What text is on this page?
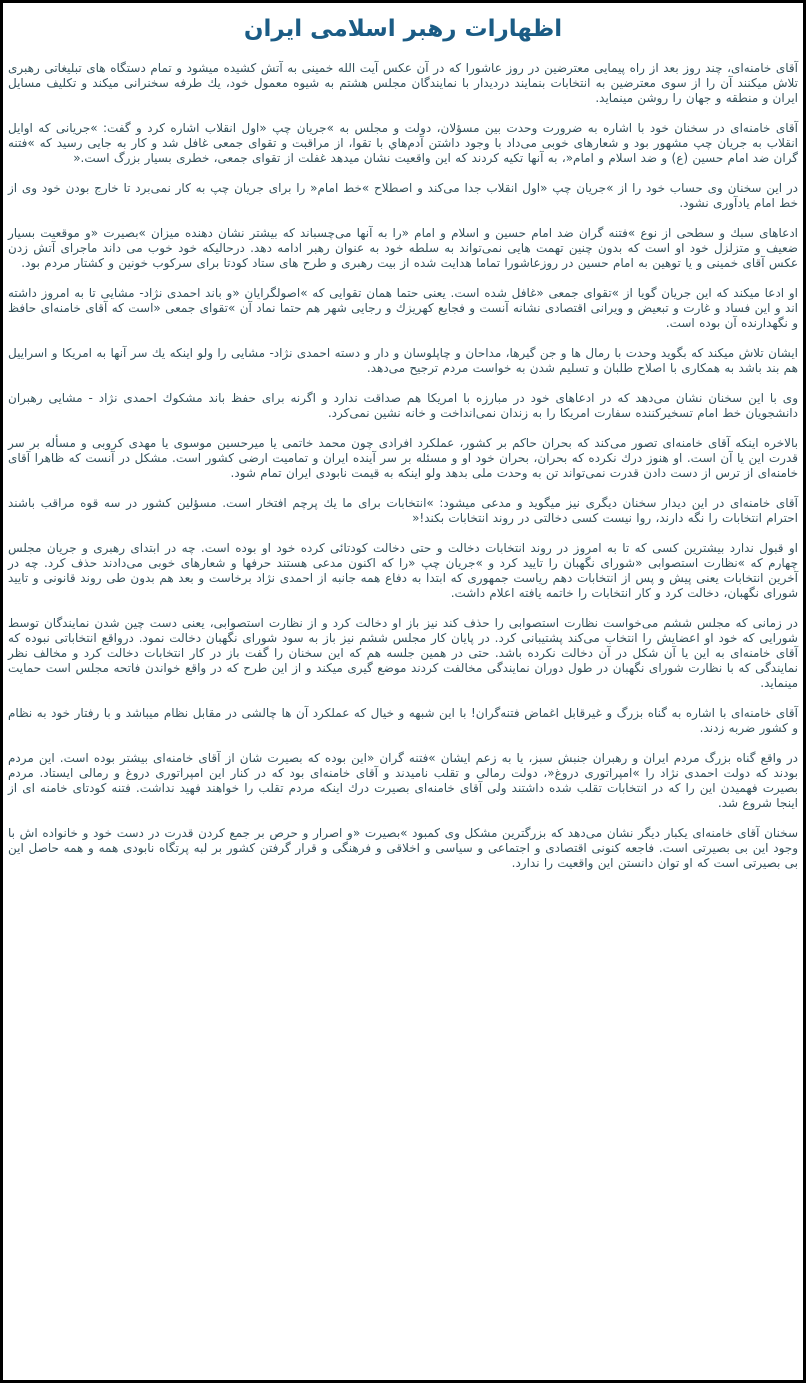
اظهارات رهبر اسلامی ایران

آقای خامنه‌ای، چند روز بعد از راه پیمایی معترضین در روز عاشورا که در آن عکس آیت الله خمینی به آتش کشیده میشود و تمام دستگاه های تبلیغاتی رهبری تلاش میکنند آن را از سوی معترضین به انتخابات بنمایند دردیدار با نمایندگان مجلس هشتم به شیوه معمول خود، یك طرفه سخنرانی میکند و تکلیف مسایل ایران و منطقه و جهان را روشن مینماید.

آقای خامنه‌ای در سخنان خود با اشاره به ضرورت وحدت بین مسؤلان، دولت و مجلس به »جریان چپ «اول انقلاب اشاره کرد و گفت: »جریانی که اوایل انقلاب به جریان چپ مشهور بود و شعارهای خوبی می‌داد با وجود داشتن آدم‌هاي با تقوا، از مراقبت و تقوای جمعی غافل شد و کار به جایی رسید که »فتنه گران ضد امام حسین (ع) و ضد اسلام و امام«، به آنها تکیه کردند که این واقعیت نشان میدهد غفلت از تقوای جمعی، خطری بسیار بزرگ است.«

در این سخنان وی حساب خود را از »جریان چپ «اول انقلاب جدا می‌کند و اصطلاح »خط امام« را برای جریان چپ به کار نمی‌برد تا خارج بودن خود وی از خط امام یادآوری نشود.

ادعاهای سبك و سطحی از نوع »فتنه گران ضد امام حسین و اسلام و امام «را به آنها می‌چسباند که بیشتر نشان دهنده میزان »بصیرت «و موقعیت بسیار ضعیف و متزلزل خود او است که بدون چنین تهمت هایی نمی‌تواند به سلطه خود به عنوان رهبر ادامه دهد. درحالیکه خود خوب می داند ماجرای آتش زدن عکس آقای خمینی و یا توهین به امام حسین در روزعاشورا تماما هدایت شده از بیت رهبری و طرح های ستاد کودتا برای سرکوب خونین و کشتار مردم بود.

او ادعا میکند که این جریان گویا از »تقوای جمعی «غافل شده است. یعنی حتما همان تقوایی که »اصولگرایان «و باند احمدی نژاد- مشایی تا به امروز داشته اند و این فساد و غارت و تبعیض و ویرانی اقتصادی نشانه آنست و فجایع کهریزك و رجایی شهر هم حتما نماد آن »تقوای جمعی «است که آقای خامنه‌ای حافظ و نگهدارنده آن بوده است.

ایشان تلاش میکند که بگوید وحدت با رمال ها و جن گیرها، مداحان و چاپلوسان و دار و دسته احمدی نژاد- مشایی را ولو اینکه یك سر آنها به امریکا و اسراییل هم بند باشد به همکاری با اصلاح طلبان و تسلیم شدن به خواست مردم ترجیح می‌دهد.

وی با این سخنان نشان می‌دهد که در ادعاهای خود در مبارزه با امریکا هم صداقت ندارد و اگرنه برای حفظ باند مشکوك احمدی نژاد - مشایی رهبران دانشجویان خط امام تسخیرکننده سفارت امریکا را به زندان نمی‌انداخت و خانه نشین نمی‌کرد.

بالاخره اینکه آقای خامنه‌ای تصور می‌کند که بحران حاکم بر کشور، عملکرد افرادی چون محمد خاتمی یا میرحسین موسوی یا مهدی کروبی و مسأله بر سر قدرت این یا آن است. او هنوز درك نکرده که بحران، بحران خود او و مسئله بر سر آینده ایران و تمامیت ارضی کشور است. مشکل در آنست که ظاهرا آقای خامنه‌ای از ترس از دست دادن قدرت نمی‌تواند تن به وحدت ملی بدهد ولو اینکه به قیمت نابودی ایران تمام شود.

آقای خامنه‌ای در این دیدار سخنان دیگری نیز میگوید و مدعی میشود: »انتخابات برای ما یك پرچم افتخار است. مسؤلین کشور در سه قوه مراقب باشند احترام انتخابات را نگه دارند، روا نیست کسی دخالتی در روند انتخابات بکند!«

او قبول ندارد بیشترین کسی که تا به امروز در روند انتخابات دخالت و حتی دخالت کودتائی کرده خود او بوده است. چه در ابتدای رهبری و جریان مجلس چهارم که »نظارت استصوابی «شورای نگهبان را تایید کرد و »جریان چپ «را که اکنون مدعی هستند حرفها و شعارهای خوبی می‌دادند حذف کرد. چه در آخرین انتخابات یعنی پیش و پس از انتخابات دهم ریاست جمهوری که ابتدا به دفاع همه جانبه از احمدی نژاد برخاست و بعد هم بدون طی روند قانونی و تایید شورای نگهبان، دخالت کرد و کار انتخابات را خاتمه یافته اعلام داشت.

در زمانی که مجلس ششم می‌خواست نظارت استصوابی را حذف کند نیز باز او دخالت کرد و از نظارت استصوابی، یعنی دست چین شدن نمایندگان توسط شورایی که خود او اعضایش را انتخاب می‌کند پشتیبانی کرد. در پایان کار مجلس ششم نیز باز به سود شورای نگهبان دخالت نمود. درواقع انتخاباتی نبوده که آقای خامنه‌ای به این یا آن شکل در آن دخالت نکرده باشد. حتی در همین جلسه هم که این سخنان را گفت باز در کار انتخابات دخالت کرد و مخالف نظر نمایندگی که با نظارت شورای نگهبان در طول دوران نمایندگی مخالفت کردند موضع گیری میکند و از این طرح که در واقع خواندن فاتحه مجلس است حمایت مینماید.

آقای خامنه‌ای با اشاره به گناه بزرگ و غیرقابل اغماض فتنه‌گران! با این شبهه و خیال که عملکرد آن ها چالشی در مقابل نظام میباشد و با رفتار خود به نظام و کشور ضربه زدند.

در واقع گناه بزرگ مردم ایران و رهبران جنبش سبز، یا به زعم ایشان »فتنه گران «این بوده که بصیرت شان از آقای خامنه‌ای بیشتر بوده است. این مردم بودند که دولت احمدی نژاد را »امپراتوری دروغ«، دولت رمالی و تقلب نامیدند و آقای خامنه‌ای بود که در کنار این امپراتوری دروغ و رمالی ایستاد. مردم بصیرت فهمیدن این را که در انتخابات تقلب شده داشتند ولی آقای خامنه‌ای بصیرت درك اینکه مردم تقلب را خواهند فهید نداشت. فتنه کودتای خامنه ای از اینجا شروع شد.

سخنان آقای خامنه‌ای یکبار دیگر نشان می‌دهد که بزرگترین مشکل وی کمبود »بصیرت «و اصرار و حرص بر جمع کردن قدرت در دست خود و خانواده اش با وجود این بی بصیرتی است. فاجعه کنونی اقتصادی و اجتماعی و سیاسی و اخلاقی و فرهنگی و قرار گرفتن کشور بر لبه پرتگاه نابودی همه و همه حاصل این بی بصیرتی است که او توان دانستن این واقعیت را ندارد.
